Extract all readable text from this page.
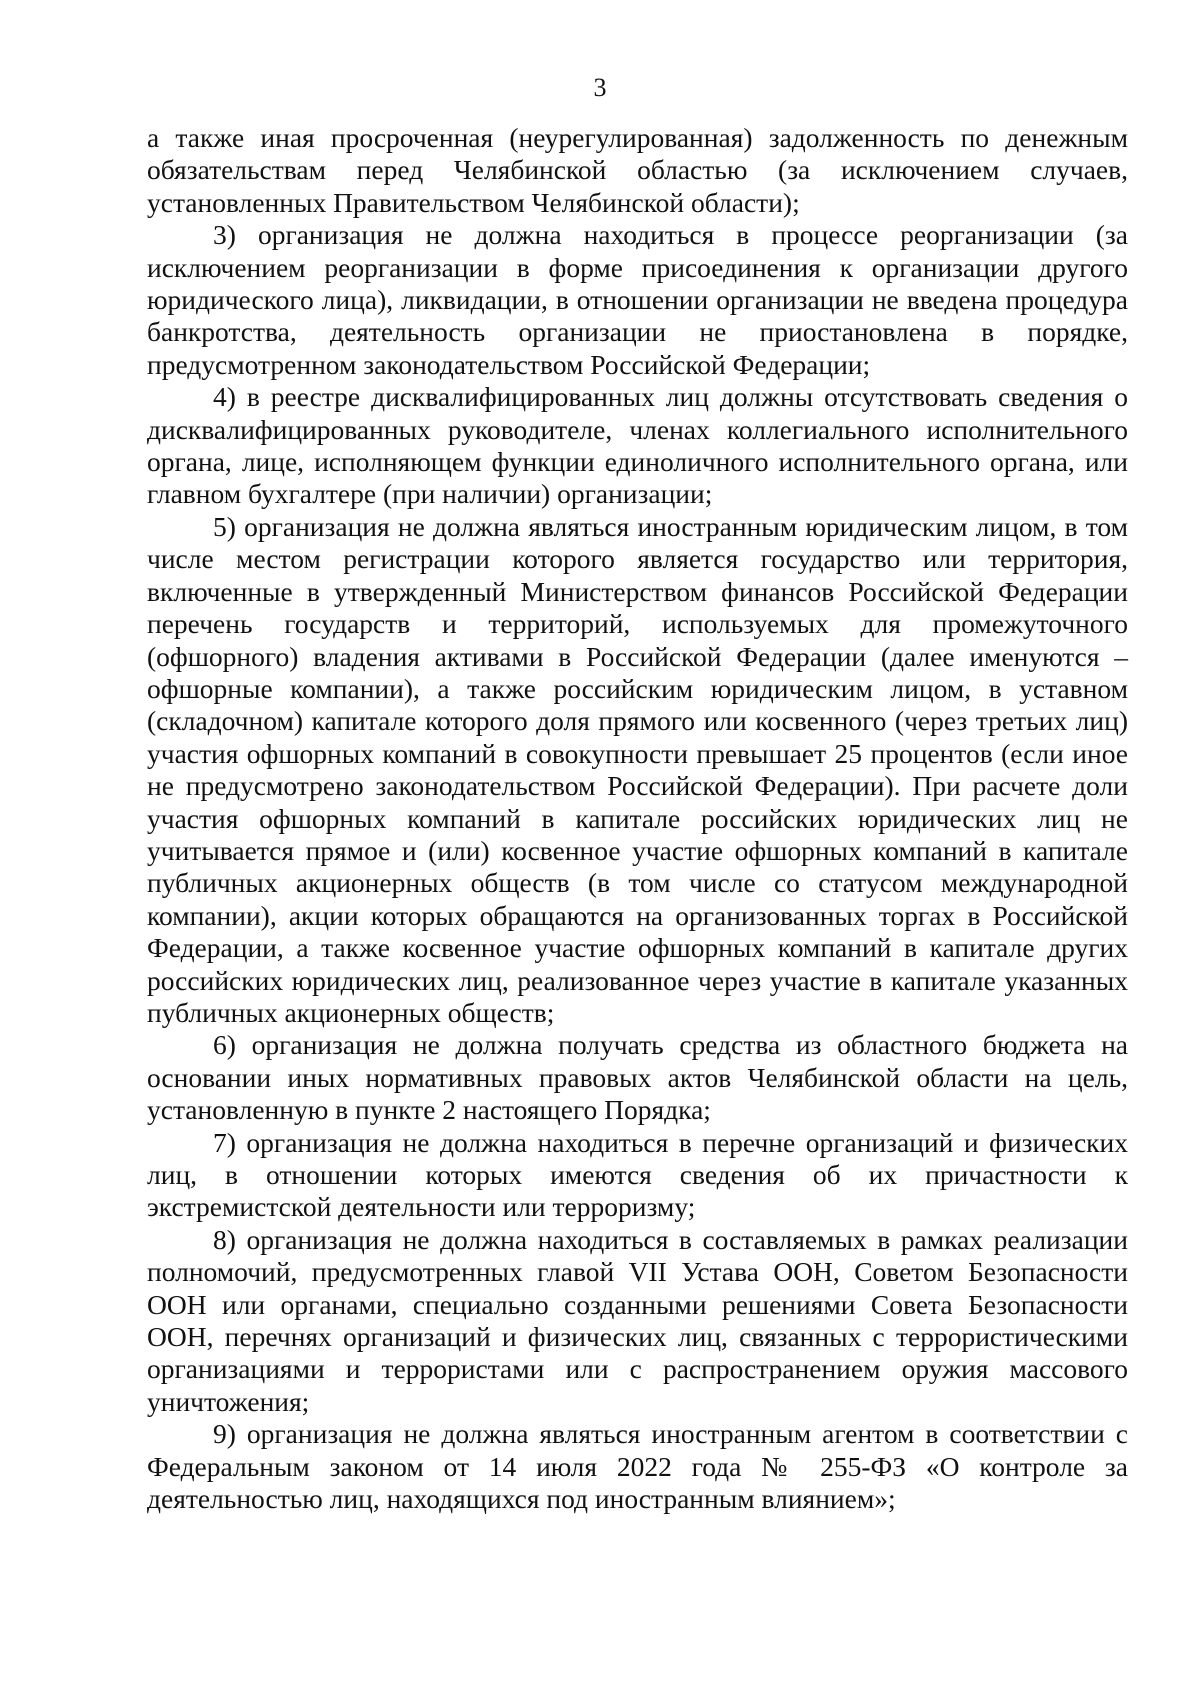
3

а также иная просроченная (неурегулированная) задолженность по денежным обязательствам перед Челябинской областью (за исключением случаев, установленных Правительством Челябинской области);

3) организация не должна находиться в процессе реорганизации (за исключением реорганизации в форме присоединения к организации другого юридического лица), ликвидации, в отношении организации не введена процедура банкротства, деятельность организации не приостановлена в порядке, предусмотренном законодательством Российской Федерации;

4) в реестре дисквалифицированных лиц должны отсутствовать сведения о дисквалифицированных руководителе, членах коллегиального исполнительного органа, лице, исполняющем функции единоличного исполнительного органа, или главном бухгалтере (при наличии) организации;

5) организация не должна являться иностранным юридическим лицом, в том числе местом регистрации которого является государство или территория, включенные в утвержденный Министерством финансов Российской Федерации перечень государств и территорий, используемых для промежуточного (офшорного) владения активами в Российской Федерации (далее именуются – офшорные компании), а также российским юридическим лицом, в уставном (складочном) капитале которого доля прямого или косвенного (через третьих лиц) участия офшорных компаний в совокупности превышает 25 процентов (если иное не предусмотрено законодательством Российской Федерации). При расчете доли участия офшорных компаний в капитале российских юридических лиц не учитывается прямое и (или) косвенное участие офшорных компаний в капитале публичных акционерных обществ (в том числе со статусом международной компании), акции которых обращаются на организованных торгах в Российской Федерации, а также косвенное участие офшорных компаний в капитале других российских юридических лиц, реализованное через участие в капитале указанных публичных акционерных обществ;

6) организация не должна получать средства из областного бюджета на основании иных нормативных правовых актов Челябинской области на цель, установленную в пункте 2 настоящего Порядка;

7) организация не должна находиться в перечне организаций и физических лиц, в отношении которых имеются сведения об их причастности к экстремистской деятельности или терроризму;

8) организация не должна находиться в составляемых в рамках реализации полномочий, предусмотренных главой VII Устава ООН, Советом Безопасности ООН или органами, специально созданными решениями Совета Безопасности ООН, перечнях организаций и физических лиц, связанных с террористическими организациями и террористами или с распространением оружия массового уничтожения;

9) организация не должна являться иностранным агентом в соответствии с Федеральным законом от 14 июля 2022 года № 255-ФЗ «О контроле за деятельностью лиц, находящихся под иностранным влиянием»;
